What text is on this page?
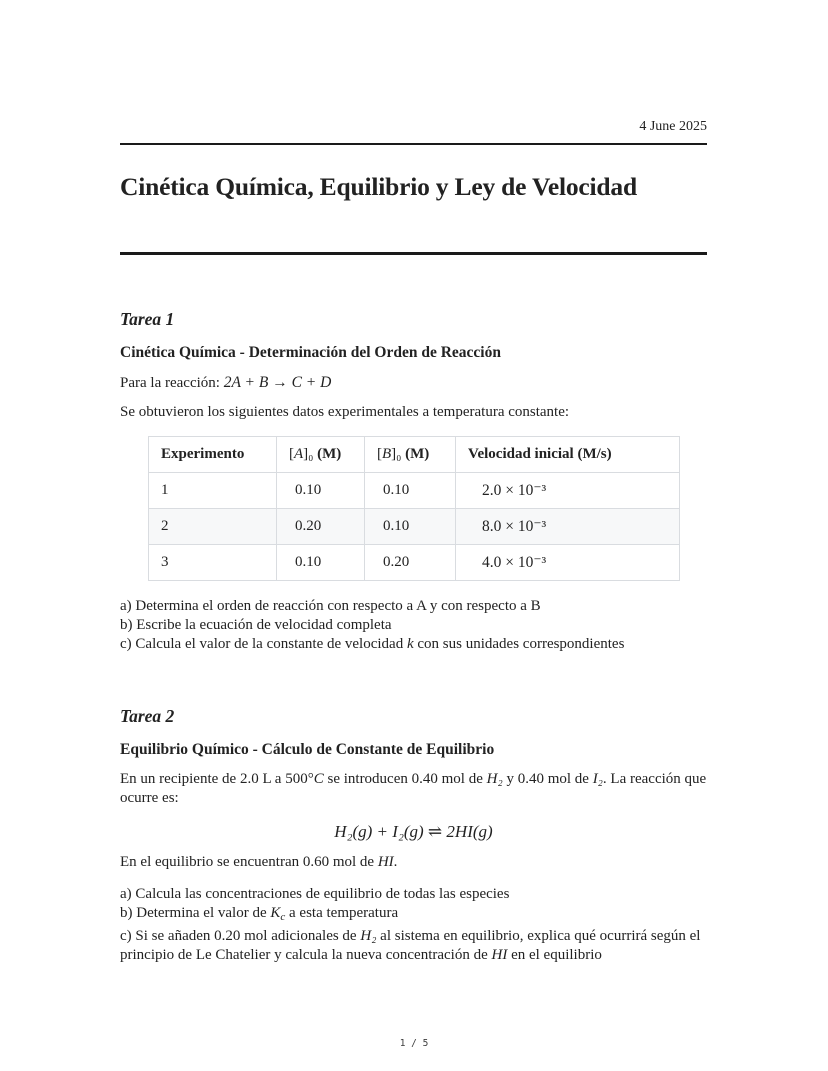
4 June 2025
Cinética Química, Equilibrio y Ley de Velocidad
Tarea 1
Cinética Química - Determinación del Orden de Reacción
Para la reacción: 2A + B → C + D
Se obtuvieron los siguientes datos experimentales a temperatura constante:
Experimento	[A]₀ (M)	[B]₀ (M)	Velocidad inicial (M/s)
1	0.10	0.10	2.0 × 10⁻³
2	0.20	0.10	8.0 × 10⁻³
3	0.10	0.20	4.0 × 10⁻³

a) Determina el orden de reacción con respecto a A y con respecto a B

b) Escribe la ecuación de velocidad completa

c) Calcula el valor de la constante de velocidad k con sus unidades correspondientes

Tarea 2
Equilibrio Químico - Cálculo de Constante de Equilibrio
En un recipiente de 2.0 L a 500°C se introducen 0.40 mol de H₂ y 0.40 mol de I₂. La reacción que ocurre es:
H₂(g) + I₂(g) ⇌ 2HI(g)
En el equilibrio se encuentran 0.60 mol de HI.

a) Calcula las concentraciones de equilibrio de todas las especies

b) Determina el valor de $K_c$ a esta temperatura

c) Si se añaden 0.20 mol adicionales de H₂ al sistema en equilibrio, explica qué ocurrirá según el principio de Le Chatelier y calcula la nueva concentración de HI en el equilibrio

1 / 5
